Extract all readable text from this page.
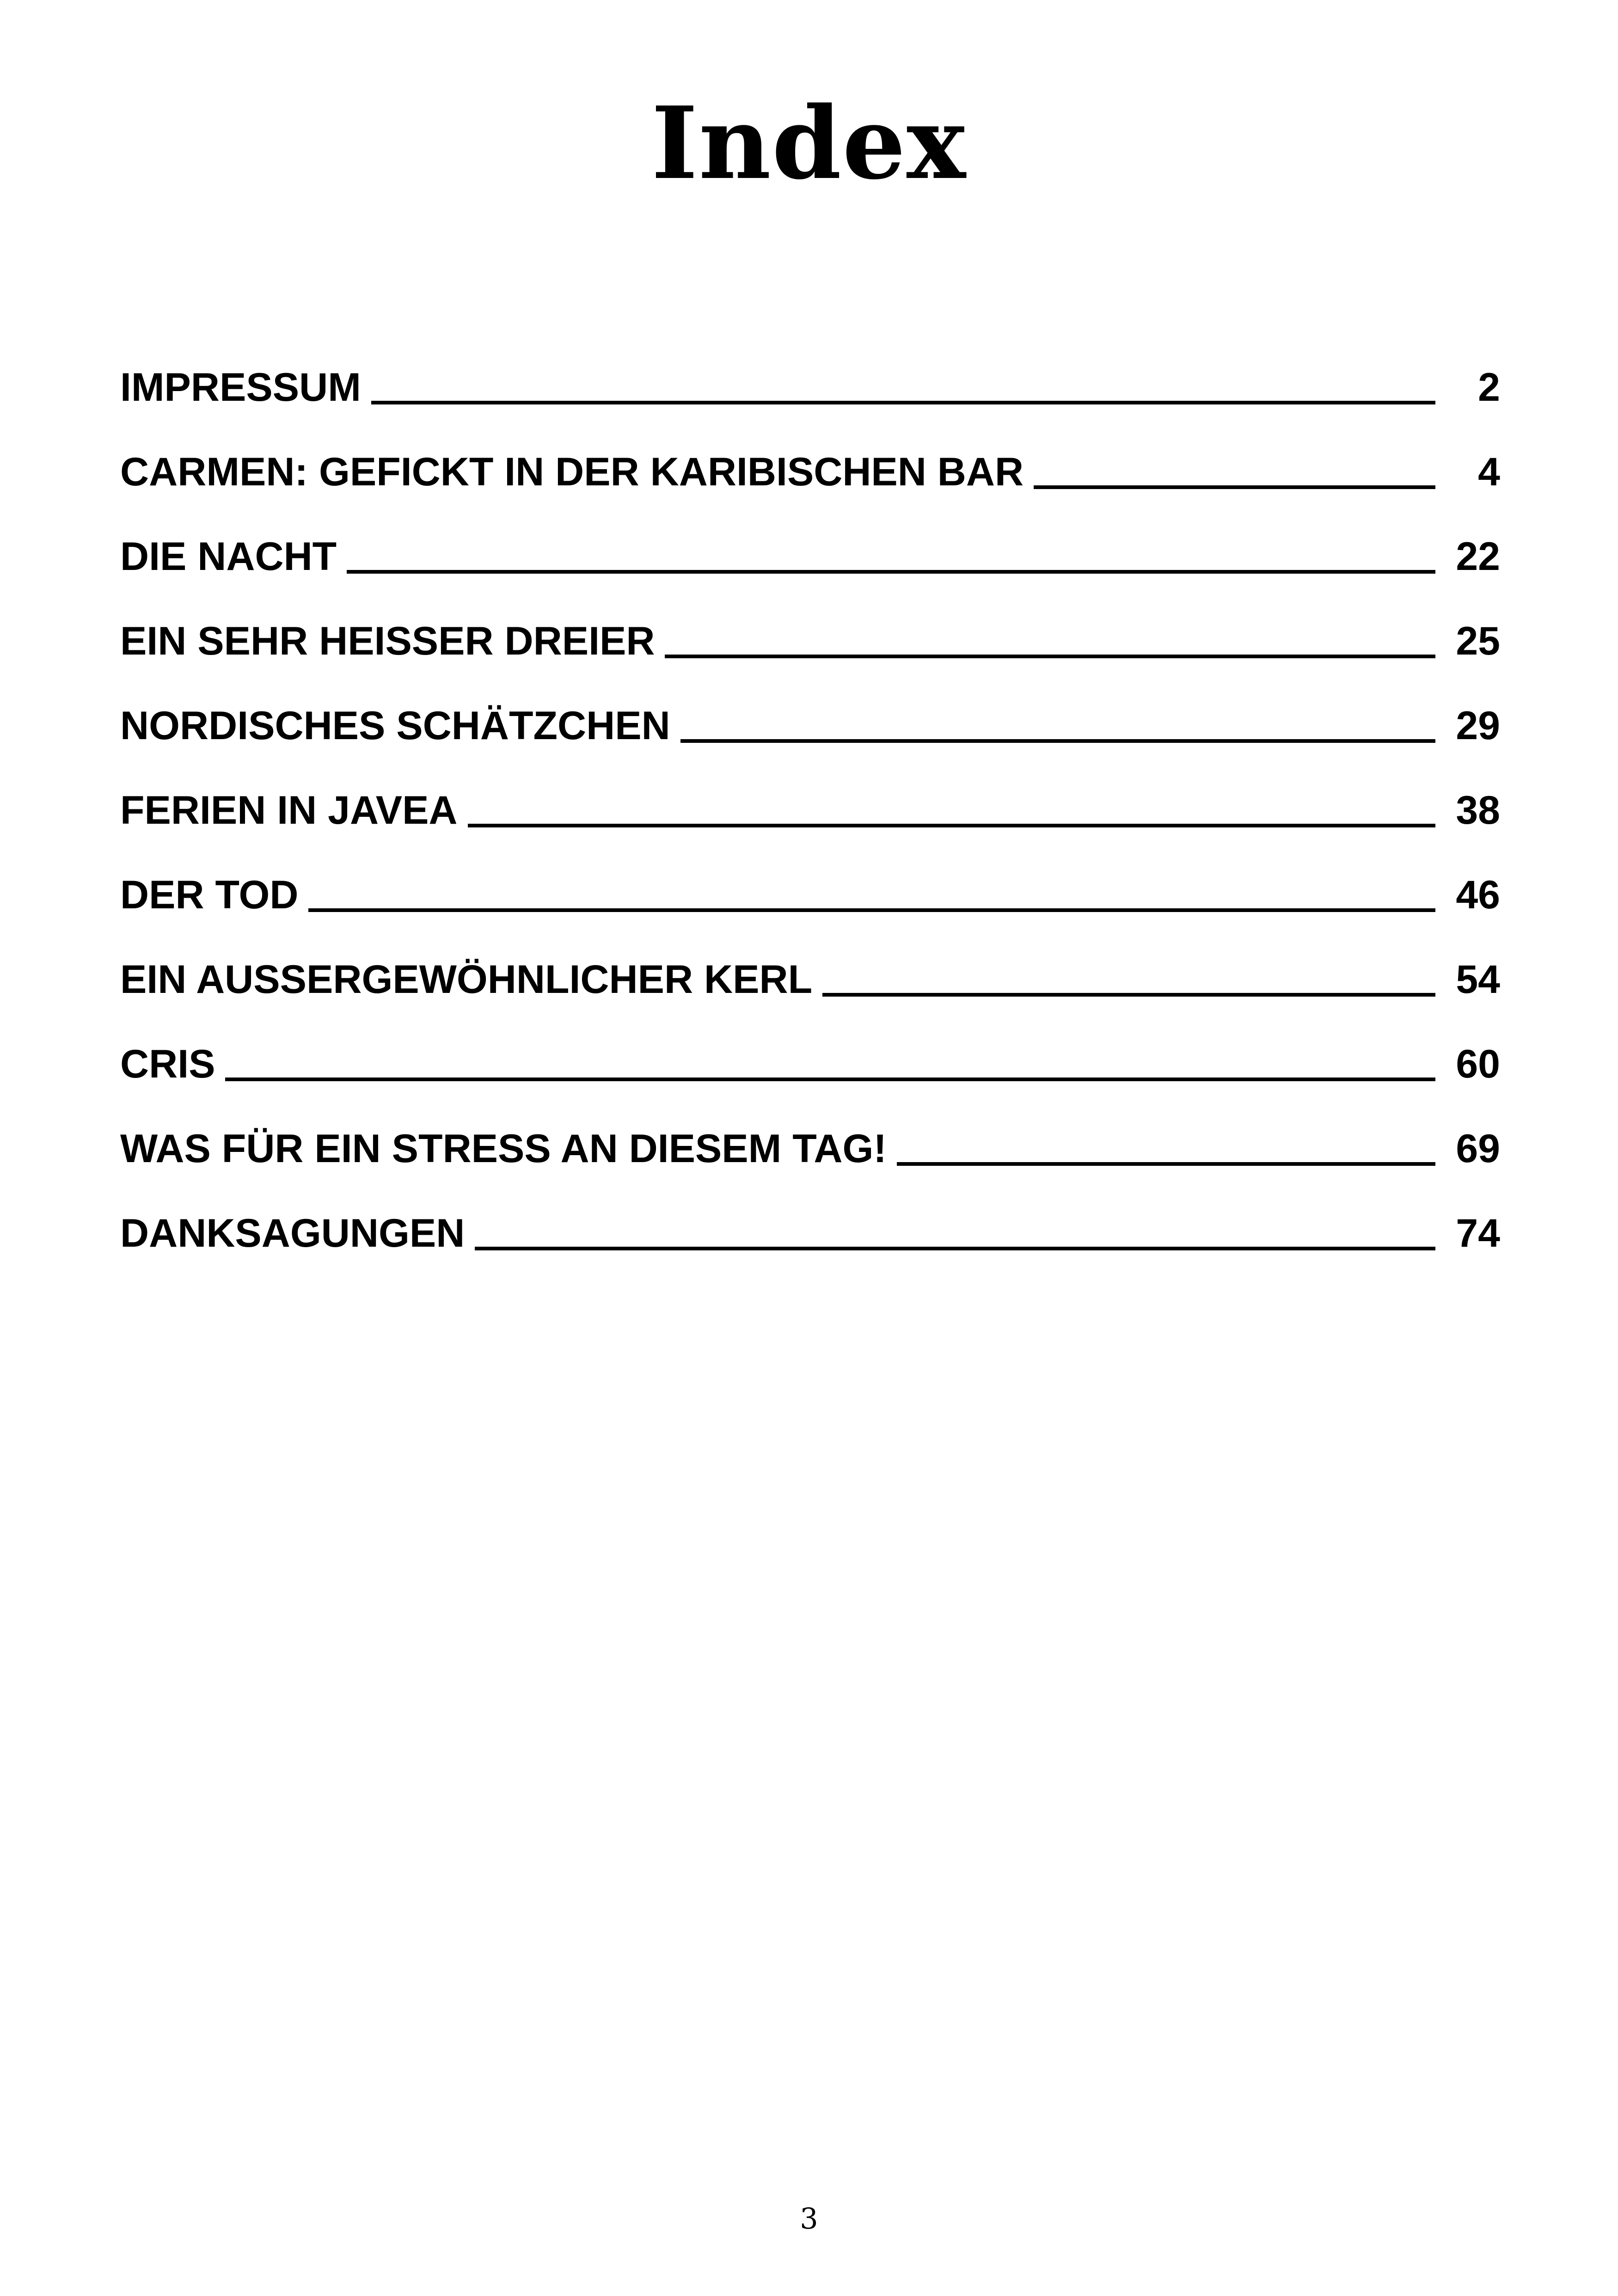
Index
IMPRESSUM	2
CARMEN: GEFICKT IN DER KARIBISCHEN BAR	4
DIE NACHT	22
EIN SEHR HEISSER DREIER	25
NORDISCHES SCHÄTZCHEN	29
FERIEN IN JAVEA	38
DER TOD	46
EIN AUSSERGEWÖHNLICHER KERL	54
CRIS	60
WAS FÜR EIN STRESS AN DIESEM TAG!	69
DANKSAGUNGEN	74
3
